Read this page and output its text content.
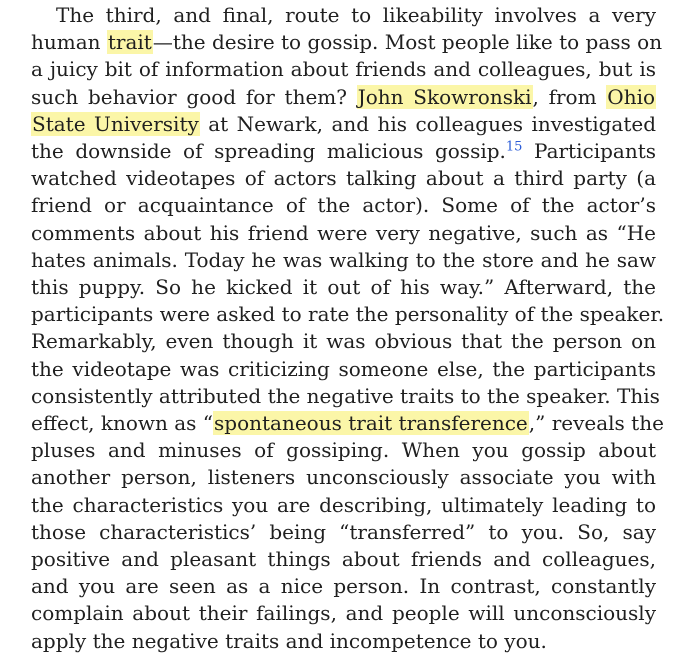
The third, and final, route to likeability involves a very
human trait—the desire to gossip. Most people like to pass on
a juicy bit of information about friends and colleagues, but is
such behavior good for them? John Skowronski, from Ohio
State University at Newark, and his colleagues investigated
the downside of spreading malicious gossip.$^{15}$ Participants
watched videotapes of actors talking about a third party (a
friend or acquaintance of the actor). Some of the actor’s
comments about his friend were very negative, such as “He
hates animals. Today he was walking to the store and he saw
this puppy. So he kicked it out of his way.” Afterward, the
participants were asked to rate the personality of the speaker.
Remarkably, even though it was obvious that the person on
the videotape was criticizing someone else, the participants
consistently attributed the negative traits to the speaker. This
effect, known as “spontaneous trait transference,” reveals the
pluses and minuses of gossiping. When you gossip about
another person, listeners unconsciously associate you with
the characteristics you are describing, ultimately leading to
those characteristics’ being “transferred” to you. So, say
positive and pleasant things about friends and colleagues,
and you are seen as a nice person. In contrast, constantly
complain about their failings, and people will unconsciously
apply the negative traits and incompetence to you.
